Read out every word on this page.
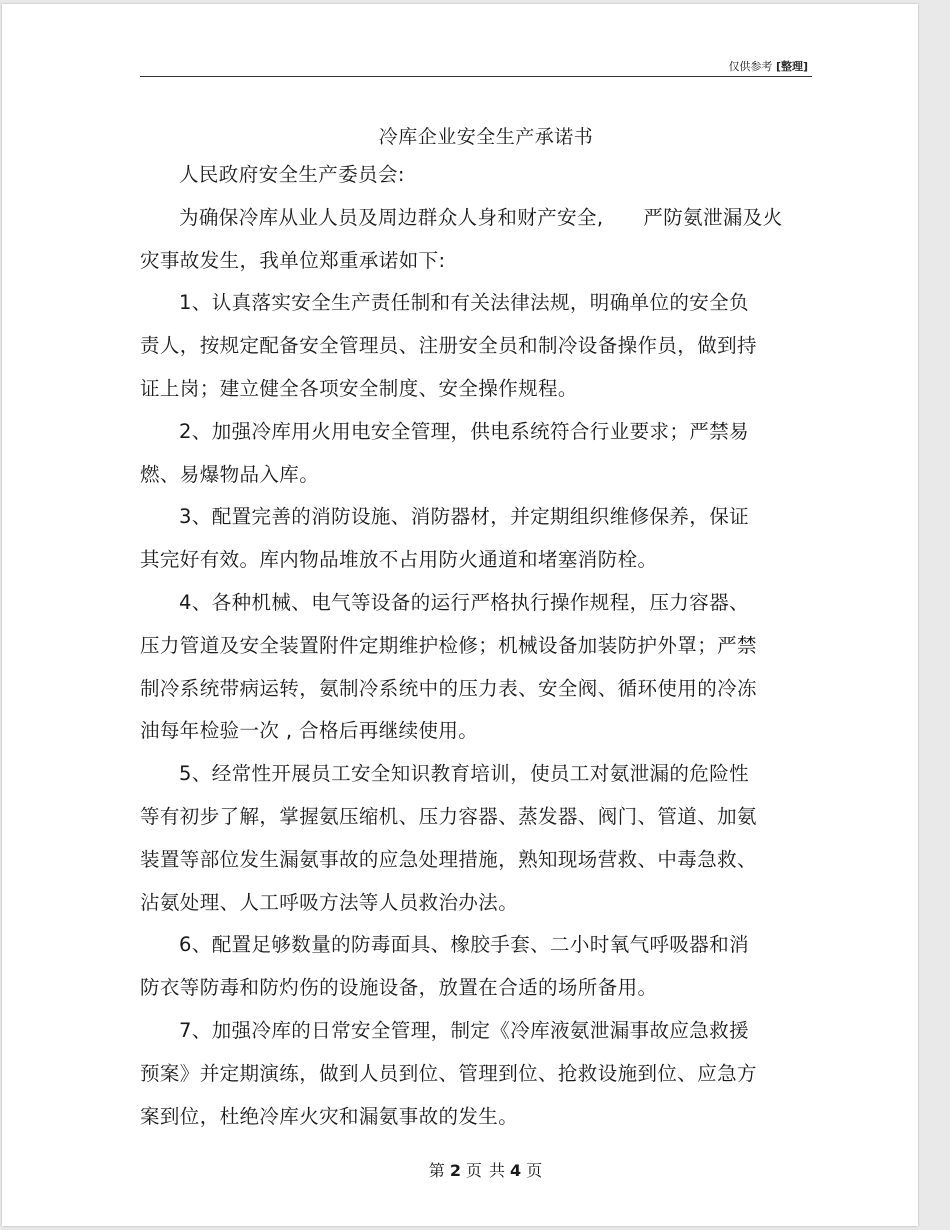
仅供参考 [整理]
冷库企业安全生产承诺书

人民政府安全生产委员会:

为确保冷库从业人员及周边群众人身和财产安全,　　严防氨泄漏及火
灾事故发生，我单位郑重承诺如下:

1、认真落实安全生产责任制和有关法律法规，明确单位的安全负
责人，按规定配备安全管理员、注册安全员和制冷设备操作员，做到持
证上岗；建立健全各项安全制度、安全操作规程。

2、加强冷库用火用电安全管理，供电系统符合行业要求；严禁易
燃、易爆物品入库。

3、配置完善的消防设施、消防器材，并定期组织维修保养，保证
其完好有效。库内物品堆放不占用防火通道和堵塞消防栓。

4、各种机械、电气等设备的运行严格执行操作规程，压力容器、
压力管道及安全装置附件定期维护检修；机械设备加装防护外罩；严禁
制冷系统带病运转，氨制冷系统中的压力表、安全阀、循环使用的冷冻
油每年检验一次 , 合格后再继续使用。

5、经常性开展员工安全知识教育培训，使员工对氨泄漏的危险性
等有初步了解，掌握氨压缩机、压力容器、蒸发器、阀门、管道、加氨
装置等部位发生漏氨事故的应急处理措施，熟知现场营救、中毒急救、
沾氨处理、人工呼吸方法等人员救治办法。

6、配置足够数量的防毒面具、橡胶手套、二小时氧气呼吸器和消
防衣等防毒和防灼伤的设施设备，放置在合适的场所备用。

7、加强冷库的日常安全管理，制定《冷库液氨泄漏事故应急救援
预案》并定期演练，做到人员到位、管理到位、抢救设施到位、应急方
案到位，杜绝冷库火灾和漏氨事故的发生。

第 2 页 共 4 页
